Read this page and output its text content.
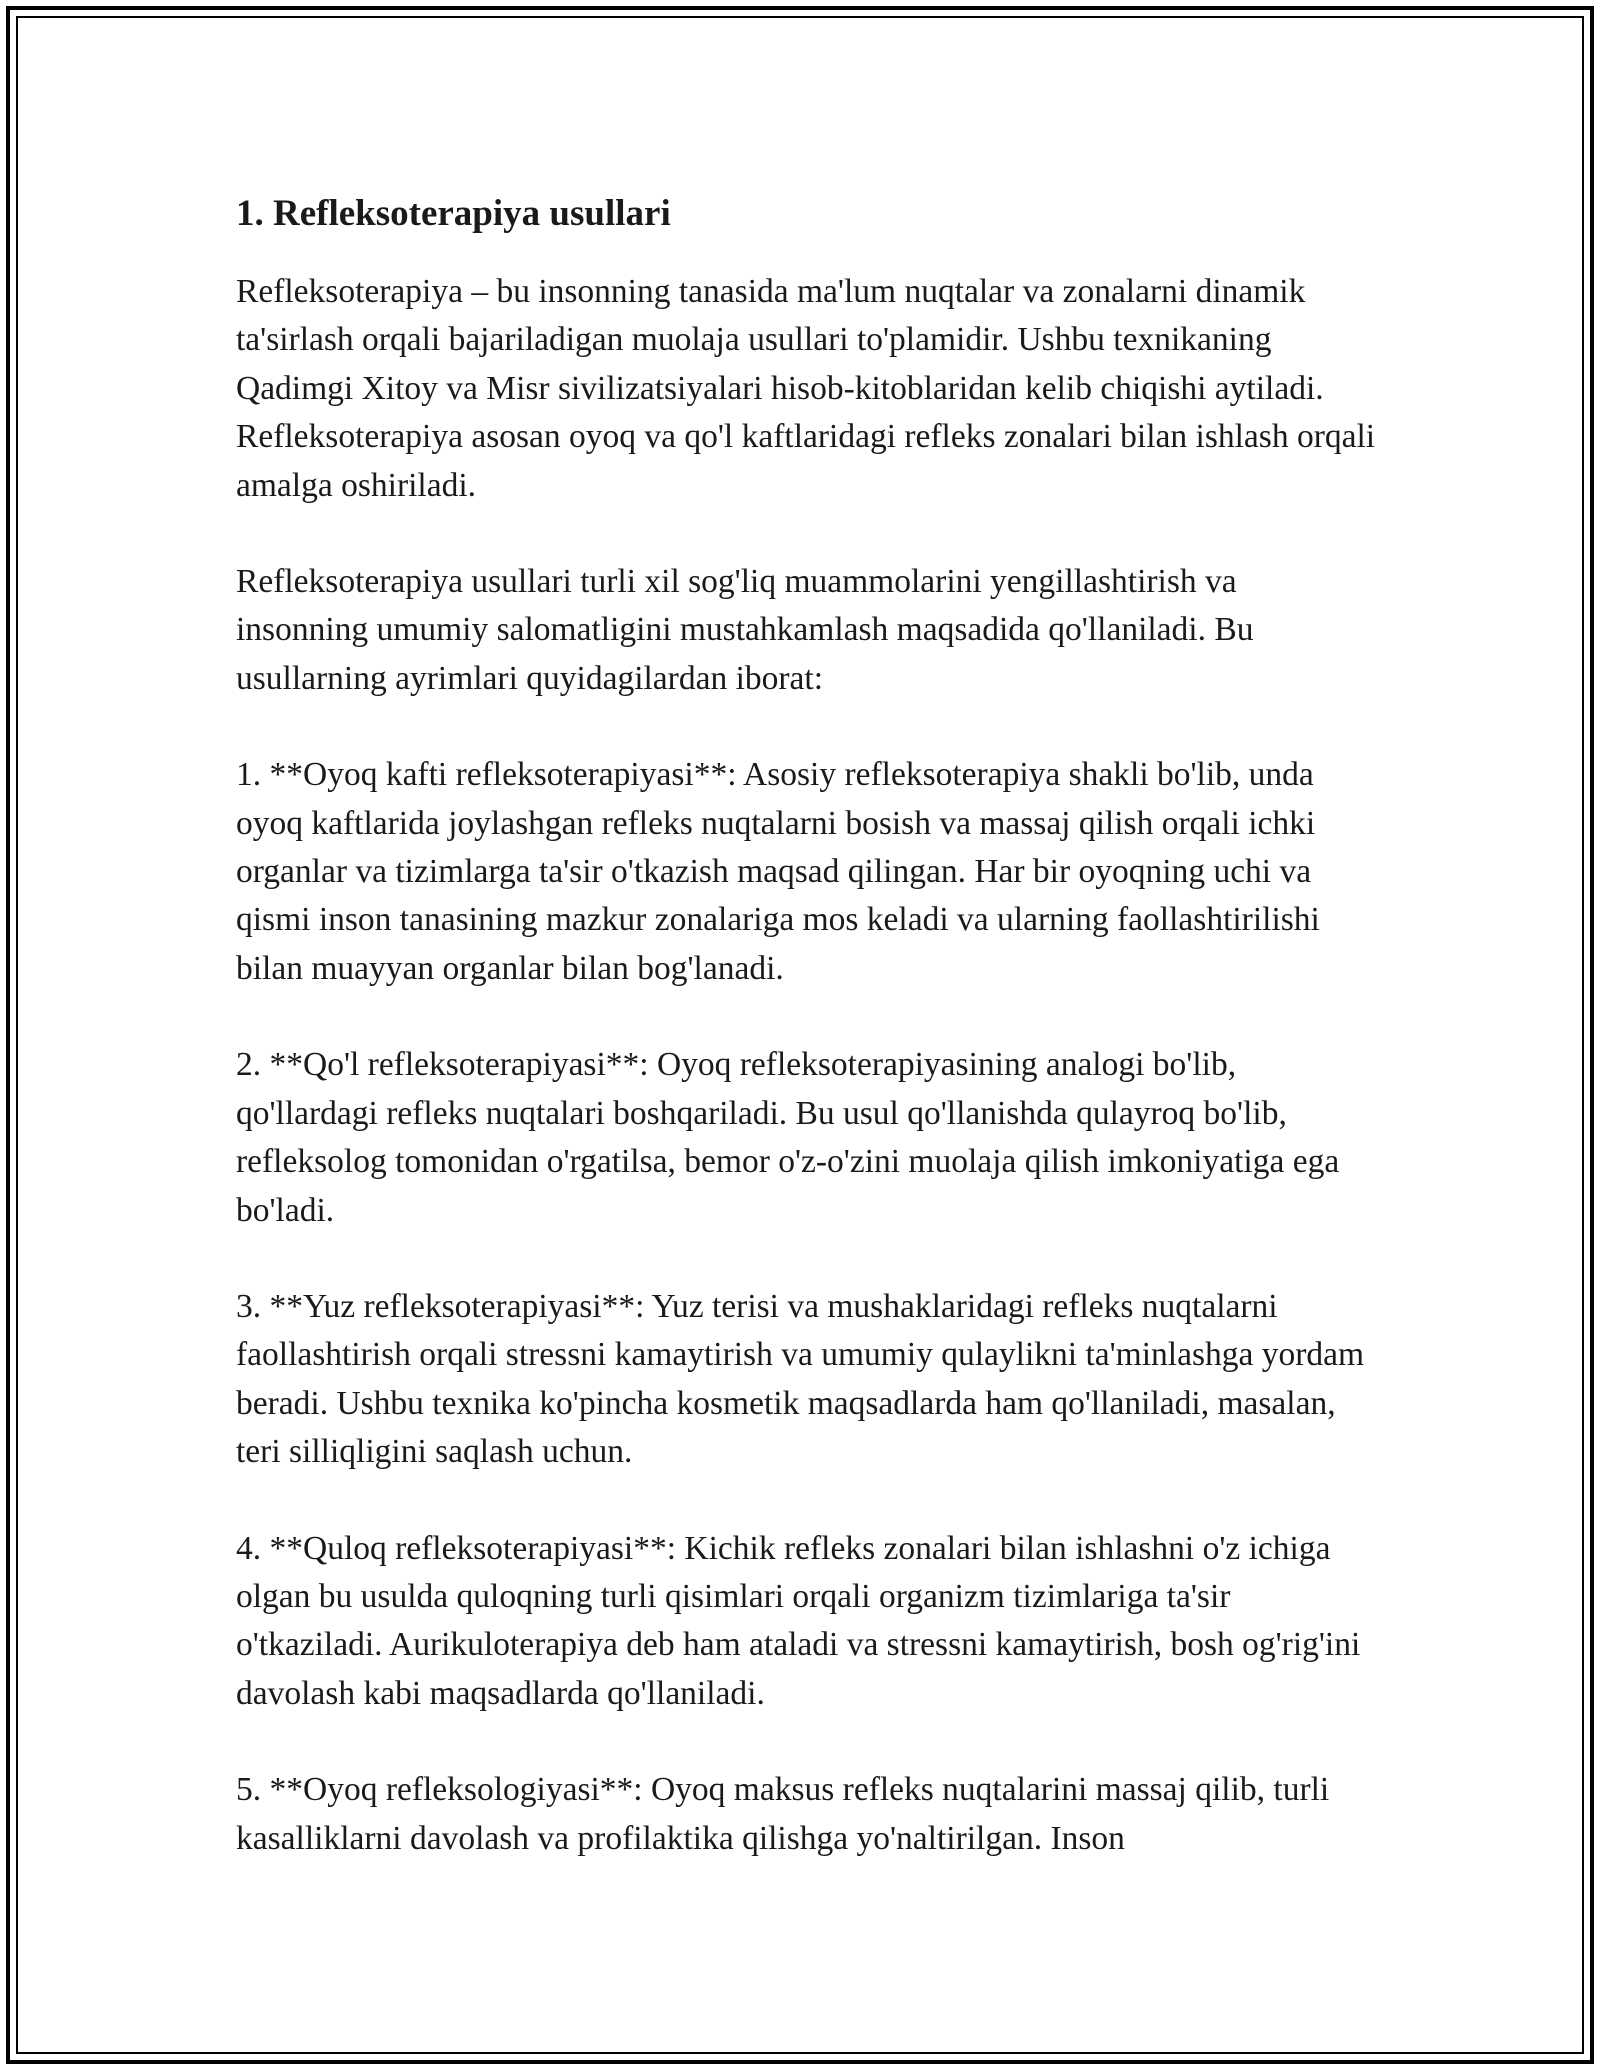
1. Refleksoterapiya usullari

Refleksoterapiya – bu insonning tanasida ma'lum nuqtalar va zonalarni dinamik ta'sirlash orqali bajariladigan muolaja usullari to'plamidir. Ushbu texnikaning Qadimgi Xitoy va Misr sivilizatsiyalari hisob-kitoblaridan kelib chiqishi aytiladi. Refleksoterapiya asosan oyoq va qo'l kaftlaridagi refleks zonalari bilan ishlash orqali amalga oshiriladi.

Refleksoterapiya usullari turli xil sog'liq muammolarini yengillashtirish va insonning umumiy salomatligini mustahkamlash maqsadida qo'llaniladi. Bu usullarning ayrimlari quyidagilardan iborat:

1. **Oyoq kafti refleksoterapiyasi**: Asosiy refleksoterapiya shakli bo'lib, unda oyoq kaftlarida joylashgan refleks nuqtalarni bosish va massaj qilish orqali ichki organlar va tizimlarga ta'sir o'tkazish maqsad qilingan. Har bir oyoqning uchi va qismi inson tanasining mazkur zonalariga mos keladi va ularning faollashtirilishi bilan muayyan organlar bilan bog'lanadi.

2. **Qo'l refleksoterapiyasi**: Oyoq refleksoterapiyasining analogi bo'lib, qo'llardagi refleks nuqtalari boshqariladi. Bu usul qo'llanishda qulayroq bo'lib, refleksolog tomonidan o'rgatilsa, bemor o'z-o'zini muolaja qilish imkoniyatiga ega bo'ladi.

3. **Yuz refleksoterapiyasi**: Yuz terisi va mushaklaridagi refleks nuqtalarni faollashtirish orqali stressni kamaytirish va umumiy qulaylikni ta'minlashga yordam beradi. Ushbu texnika ko'pincha kosmetik maqsadlarda ham qo'llaniladi, masalan, teri silliqligini saqlash uchun.

4. **Quloq refleksoterapiyasi**: Kichik refleks zonalari bilan ishlashni o'z ichiga olgan bu usulda quloqning turli qisimlari orqali organizm tizimlariga ta'sir o'tkaziladi. Aurikuloterapiya deb ham ataladi va stressni kamaytirish, bosh og'rig'ini davolash kabi maqsadlarda qo'llaniladi.

5. **Oyoq refleksologiyasi**: Oyoq maksus refleks nuqtalarini massaj qilib, turli kasalliklarni davolash va profilaktika qilishga yo'naltirilgan. Inson
